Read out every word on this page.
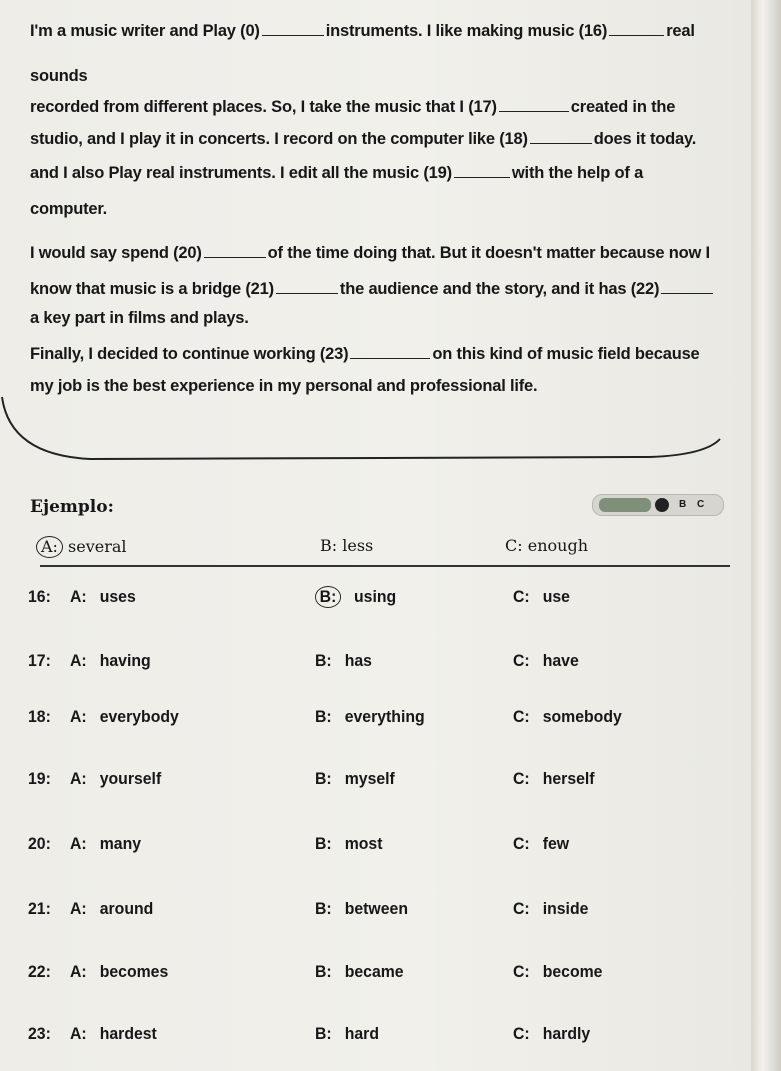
I'm a music writer and Play (0)	instruments. I like making music (16)	real
sounds
recorded from different places. So, I take the music that I (17)	created in the
studio, and I play it in concerts. I record on the computer like (18)	does it today.
and I also Play real instruments. I edit all the music (19)	with the help of a
computer.
I would say spend (20)	of the time doing that. But it doesn't matter because now I
know that music is a bridge (21)	the audience and the story, and it has (22)
a key part in films and plays.
Finally, I decided to continue working (23)	on this kind of music field because
my job is the best experience in my personal and professional life.
Ejemplo:	B C
A: several	B: less	C: enough
16: A: uses	B: using	C: use
17: A: having	B: has	C: have
18: A: everybody	B: everything	C: somebody
19: A: yourself	B: myself	C: herself
20: A: many	B: most	C: few
21: A: around	B: between	C: inside
22: A: becomes	B: became	C: become
23: A: hardest	B: hard	C: hardly
